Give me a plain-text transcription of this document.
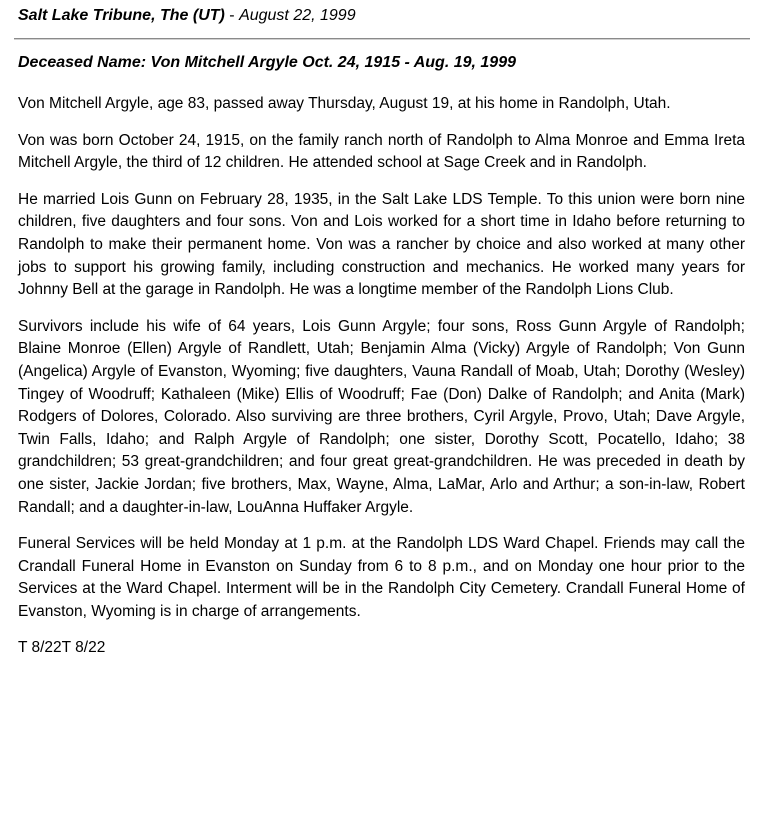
Salt Lake Tribune, The (UT) - August 22, 1999
Deceased Name: Von Mitchell Argyle Oct. 24, 1915 - Aug. 19, 1999

Von Mitchell Argyle, age 83, passed away Thursday, August 19, at his home in Randolph, Utah.

Von was born October 24, 1915, on the family ranch north of Randolph to Alma Monroe and Emma Ireta Mitchell Argyle, the third of 12 children. He attended school at Sage Creek and in Randolph.

He married Lois Gunn on February 28, 1935, in the Salt Lake LDS Temple. To this union were born nine children, five daughters and four sons. Von and Lois worked for a short time in Idaho before returning to Randolph to make their permanent home. Von was a rancher by choice and also worked at many other jobs to support his growing family, including construction and mechanics. He worked many years for Johnny Bell at the garage in Randolph. He was a longtime member of the Randolph Lions Club.

Survivors include his wife of 64 years, Lois Gunn Argyle; four sons, Ross Gunn Argyle of Randolph; Blaine Monroe (Ellen) Argyle of Randlett, Utah; Benjamin Alma (Vicky) Argyle of Randolph; Von Gunn (Angelica) Argyle of Evanston, Wyoming; five daughters, Vauna Randall of Moab, Utah; Dorothy (Wesley) Tingey of Woodruff; Kathaleen (Mike) Ellis of Woodruff; Fae (Don) Dalke of Randolph; and Anita (Mark) Rodgers of Dolores, Colorado. Also surviving are three brothers, Cyril Argyle, Provo, Utah; Dave Argyle, Twin Falls, Idaho; and Ralph Argyle of Randolph; one sister, Dorothy Scott, Pocatello, Idaho; 38 grandchildren; 53 great-grandchildren; and four great great-grandchildren. He was preceded in death by one sister, Jackie Jordan; five brothers, Max, Wayne, Alma, LaMar, Arlo and Arthur; a son-in-law, Robert Randall; and a daughter-in-law, LouAnna Huffaker Argyle.

Funeral Services will be held Monday at 1 p.m. at the Randolph LDS Ward Chapel. Friends may call the Crandall Funeral Home in Evanston on Sunday from 6 to 8 p.m., and on Monday one hour prior to the Services at the Ward Chapel. Interment will be in the Randolph City Cemetery. Crandall Funeral Home of Evanston, Wyoming is in charge of arrangements.

T 8/22T 8/22
